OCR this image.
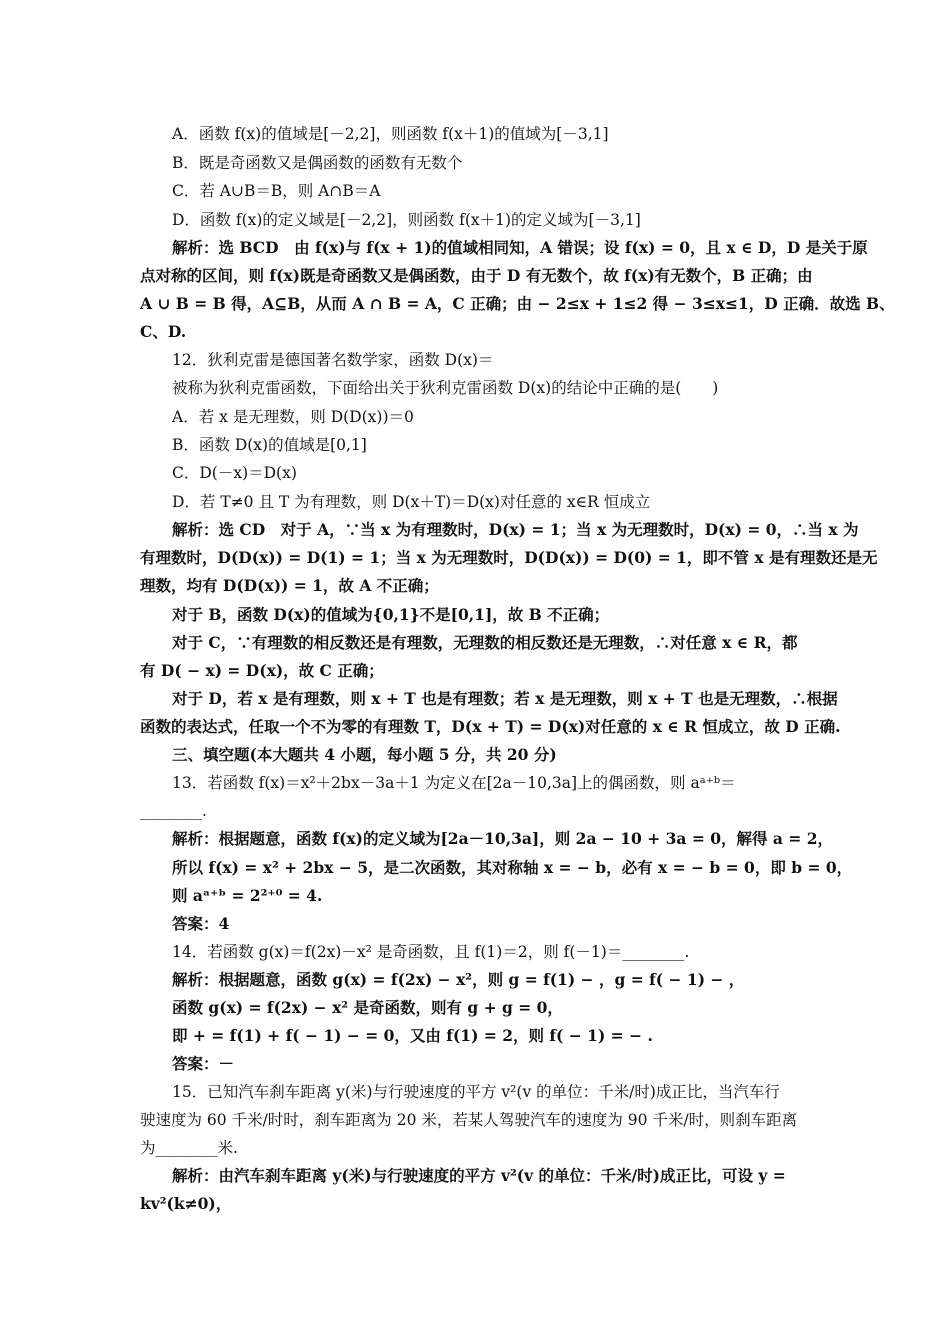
A．函数 f(x)的值域是[－2,2]，则函数 f(x＋1)的值域为[－3,1]
B．既是奇函数又是偶函数的函数有无数个
C．若 A∪B＝B，则 A∩B＝A
D．函数 f(x)的定义域是[－2,2]，则函数 f(x＋1)的定义域为[－3,1]
解析：选 BCD　由 f(x)与 f(x + 1)的值域相同知，A 错误；设 f(x) = 0，且 x ∈ D，D 是关于原
点对称的区间，则 f(x)既是奇函数又是偶函数，由于 D 有无数个，故 f(x)有无数个，B 正确；由
A ∪ B = B 得，A⊆B，从而 A ∩ B = A，C 正确；由 − 2≤x + 1≤2 得 − 3≤x≤1，D 正确．故选 B、
C、D.
12．狄利克雷是德国著名数学家，函数 D(x)＝
被称为狄利克雷函数，下面给出关于狄利克雷函数 D(x)的结论中正确的是(　　)
A．若 x 是无理数，则 D(D(x))＝0
B．函数 D(x)的值域是[0,1]
C．D(－x)＝D(x)
D．若 T≠0 且 T 为有理数，则 D(x＋T)＝D(x)对任意的 x∈R 恒成立
解析：选 CD　对于 A，∵当 x 为有理数时，D(x) = 1；当 x 为无理数时，D(x) = 0，∴当 x 为
有理数时，D(D(x)) = D(1) = 1；当 x 为无理数时，D(D(x)) = D(0) = 1，即不管 x 是有理数还是无
理数，均有 D(D(x)) = 1，故 A 不正确；
对于 B，函数 D(x)的值域为{0,1}不是[0,1]，故 B 不正确；
对于 C，∵有理数的相反数还是有理数，无理数的相反数还是无理数，∴对任意 x ∈ R，都
有 D( − x) = D(x)，故 C 正确；
对于 D，若 x 是有理数，则 x + T 也是有理数；若 x 是无理数，则 x + T 也是无理数，∴根据
函数的表达式，任取一个不为零的有理数 T，D(x + T) = D(x)对任意的 x ∈ R 恒成立，故 D 正确.
三、填空题(本大题共 4 小题，每小题 5 分，共 20 分)
13．若函数 f(x)＝x²＋2bx－3a＋1 为定义在[2a－10,3a]上的偶函数，则 aᵃ⁺ᵇ＝
________.
解析：根据题意，函数 f(x)的定义域为[2a－10,3a]，则 2a − 10 + 3a = 0，解得 a = 2，
所以 f(x) = x² + 2bx − 5，是二次函数，其对称轴 x = − b，必有 x = − b = 0，即 b = 0，
则 aᵃ⁺ᵇ = 2²⁺⁰ = 4.
答案：4
14．若函数 g(x)＝f(2x)－x² 是奇函数，且 f(1)＝2，则 f(－1)＝________.
解析：根据题意，函数 g(x) = f(2x) − x²，则 g = f(1) − ，g = f( − 1) − ，
函数 g(x) = f(2x) − x² 是奇函数，则有 g + g = 0，
即 + = f(1) + f( − 1) − = 0，又由 f(1) = 2，则 f( − 1) = − .
答案：－
15．已知汽车刹车距离 y(米)与行驶速度的平方 v²(v 的单位：千米/时)成正比，当汽车行
驶速度为 60 千米/时时，刹车距离为 20 米，若某人驾驶汽车的速度为 90 千米/时，则刹车距离
为________米.
解析：由汽车刹车距离 y(米)与行驶速度的平方 v²(v 的单位：千米/时)成正比，可设 y =
kv²(k≠0)，
